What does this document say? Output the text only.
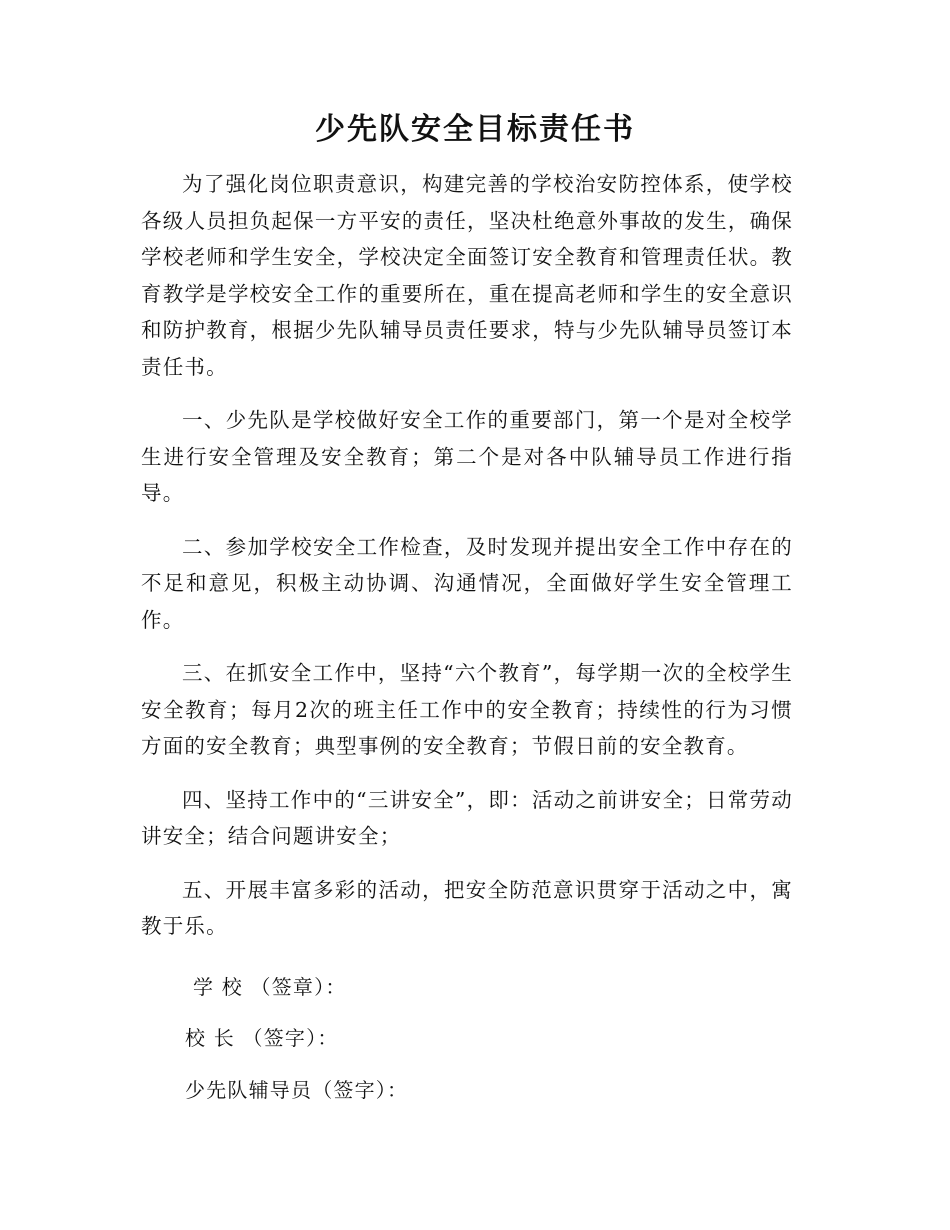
少先队安全目标责任书

为了强化岗位职责意识，构建完善的学校治安防控体系，使学校各级人员担负起保一方平安的责任，坚决杜绝意外事故的发生，确保学校老师和学生安全，学校决定全面签订安全教育和管理责任状。教育教学是学校安全工作的重要所在，重在提高老师和学生的安全意识和防护教育，根据少先队辅导员责任要求，特与少先队辅导员签订本责任书。

一、少先队是学校做好安全工作的重要部门，第一个是对全校学生进行安全管理及安全教育；第二个是对各中队辅导员工作进行指导。

二、参加学校安全工作检查，及时发现并提出安全工作中存在的不足和意见，积极主动协调、沟通情况，全面做好学生安全管理工作。

三、在抓安全工作中，坚持“六个教育”，每学期一次的全校学生安全教育；每月2次的班主任工作中的安全教育；持续性的行为习惯方面的安全教育；典型事例的安全教育；节假日前的安全教育。

四、坚持工作中的“三讲安全”，即：活动之前讲安全；日常劳动讲安全；结合问题讲安全；

五、开展丰富多彩的活动，把安全防范意识贯穿于活动之中，寓教于乐。

学 校 （签章）：

校 长 （签字）：

少先队辅导员（签字）：
